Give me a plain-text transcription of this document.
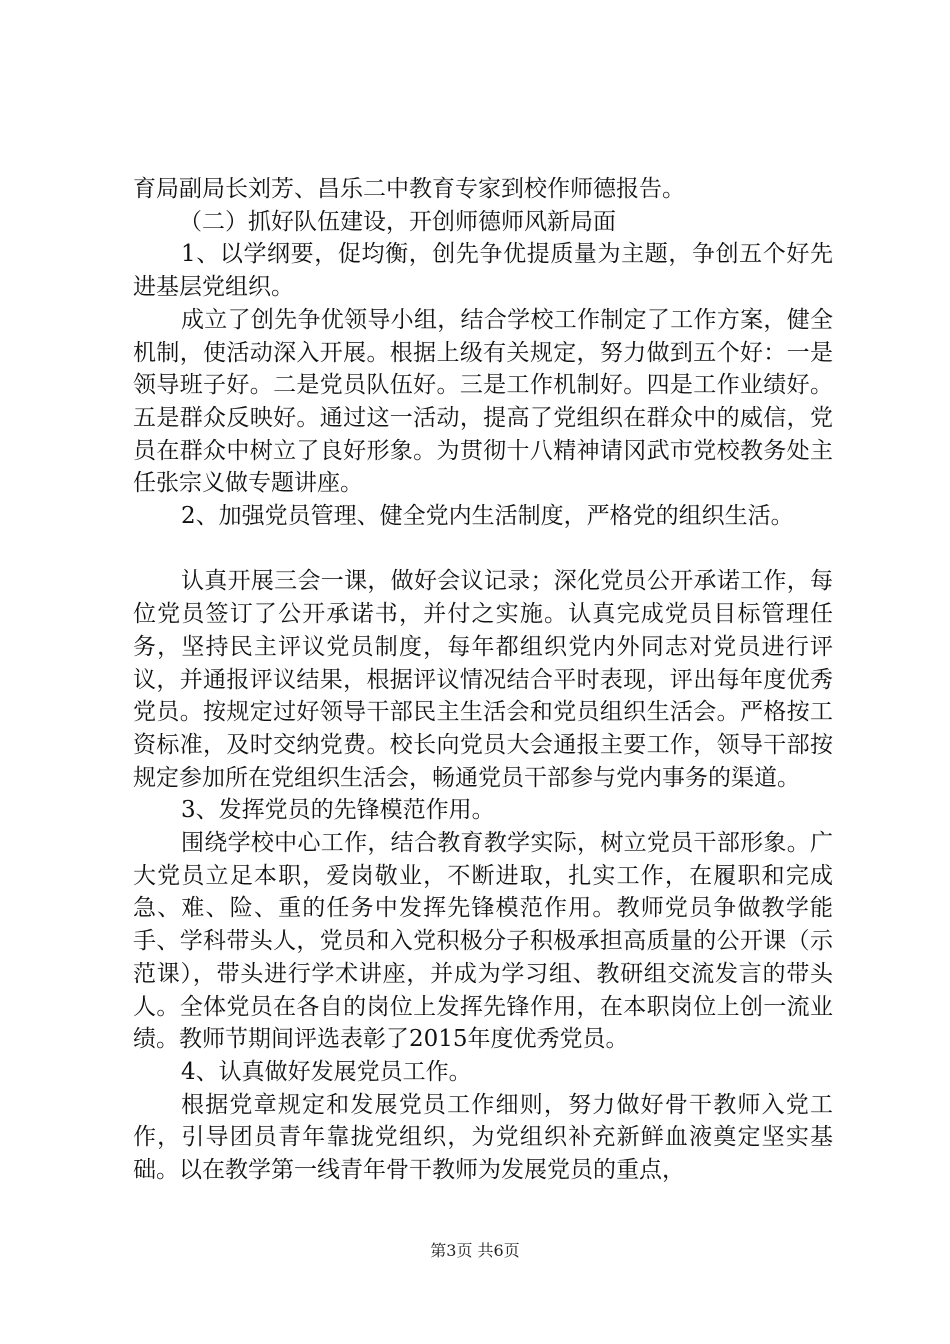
育局副局长刘芳、昌乐二中教育专家到校作师德报告。

（二）抓好队伍建设，开创师德师风新局面

1、以学纲要，促均衡，创先争优提质量为主题，争创五个好先进基层党组织。

成立了创先争优领导小组，结合学校工作制定了工作方案，健全机制，使活动深入开展。根据上级有关规定，努力做到五个好：一是领导班子好。二是党员队伍好。三是工作机制好。四是工作业绩好。五是群众反映好。通过这一活动，提高了党组织在群众中的威信，党员在群众中树立了良好形象。为贯彻十八精神请冈武市党校教务处主任张宗义做专题讲座。

2、加强党员管理、健全党内生活制度，严格党的组织生活。

认真开展三会一课，做好会议记录；深化党员公开承诺工作，每位党员签订了公开承诺书，并付之实施。认真完成党员目标管理任务，坚持民主评议党员制度，每年都组织党内外同志对党员进行评议，并通报评议结果，根据评议情况结合平时表现，评出每年度优秀党员。按规定过好领导干部民主生活会和党员组织生活会。严格按工资标准，及时交纳党费。校长向党员大会通报主要工作，领导干部按规定参加所在党组织生活会，畅通党员干部参与党内事务的渠道。

3、发挥党员的先锋模范作用。

围绕学校中心工作，结合教育教学实际，树立党员干部形象。广大党员立足本职，爱岗敬业，不断进取，扎实工作，在履职和完成急、难、险、重的任务中发挥先锋模范作用。教师党员争做教学能手、学科带头人，党员和入党积极分子积极承担高质量的公开课（示范课），带头进行学术讲座，并成为学习组、教研组交流发言的带头人。全体党员在各自的岗位上发挥先锋作用，在本职岗位上创一流业绩。教师节期间评选表彰了2015年度优秀党员。

4、认真做好发展党员工作。

根据党章规定和发展党员工作细则，努力做好骨干教师入党工作，引导团员青年靠拢党组织，为党组织补充新鲜血液奠定坚实基础。以在教学第一线青年骨干教师为发展党员的重点，

第3页 共6页
